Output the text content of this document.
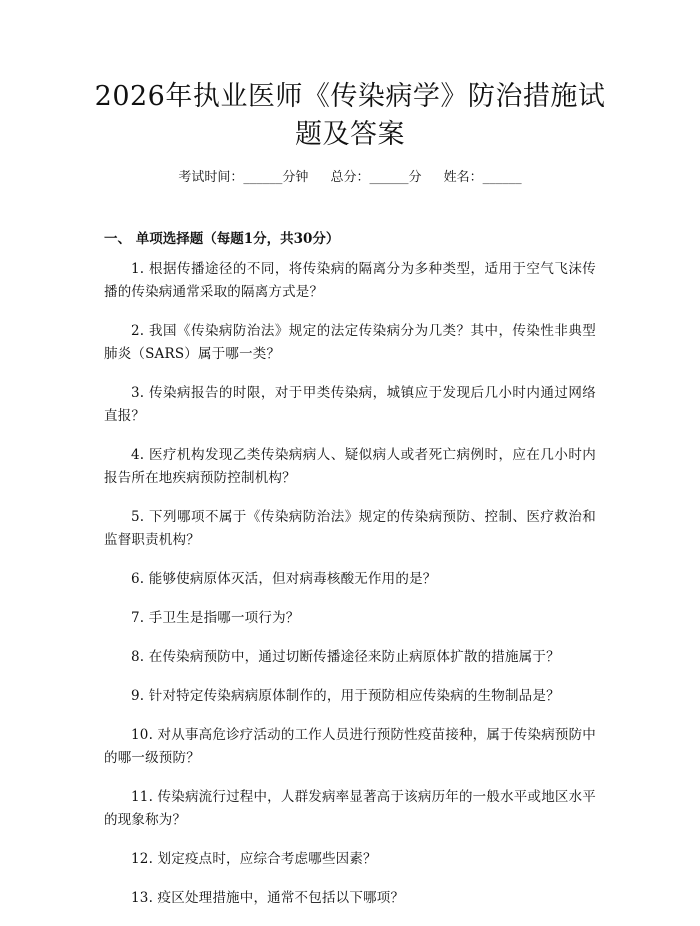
2026年执业医师《传染病学》防治措施试题及答案
考试时间：______分钟 总分：______分 姓名：______
一、 单项选择题（每题1分，共30分）
1. 根据传播途径的不同，将传染病的隔离分为多种类型，适用于空气飞沫传播的传染病通常采取的隔离方式是？
2. 我国《传染病防治法》规定的法定传染病分为几类？其中，传染性非典型肺炎（SARS）属于哪一类？
3. 传染病报告的时限，对于甲类传染病，城镇应于发现后几小时内通过网络直报？
4. 医疗机构发现乙类传染病病人、疑似病人或者死亡病例时，应在几小时内报告所在地疾病预防控制机构？
5. 下列哪项不属于《传染病防治法》规定的传染病预防、控制、医疗救治和监督职责机构？
6. 能够使病原体灭活，但对病毒核酸无作用的是？
7. 手卫生是指哪一项行为？
8. 在传染病预防中，通过切断传播途径来防止病原体扩散的措施属于？
9. 针对特定传染病病原体制作的，用于预防相应传染病的生物制品是？
10. 对从事高危诊疗活动的工作人员进行预防性疫苗接种，属于传染病预防中的哪一级预防？
11. 传染病流行过程中，人群发病率显著高于该病历年的一般水平或地区水平的现象称为？
12. 划定疫点时，应综合考虑哪些因素？
13. 疫区处理措施中，通常不包括以下哪项？
